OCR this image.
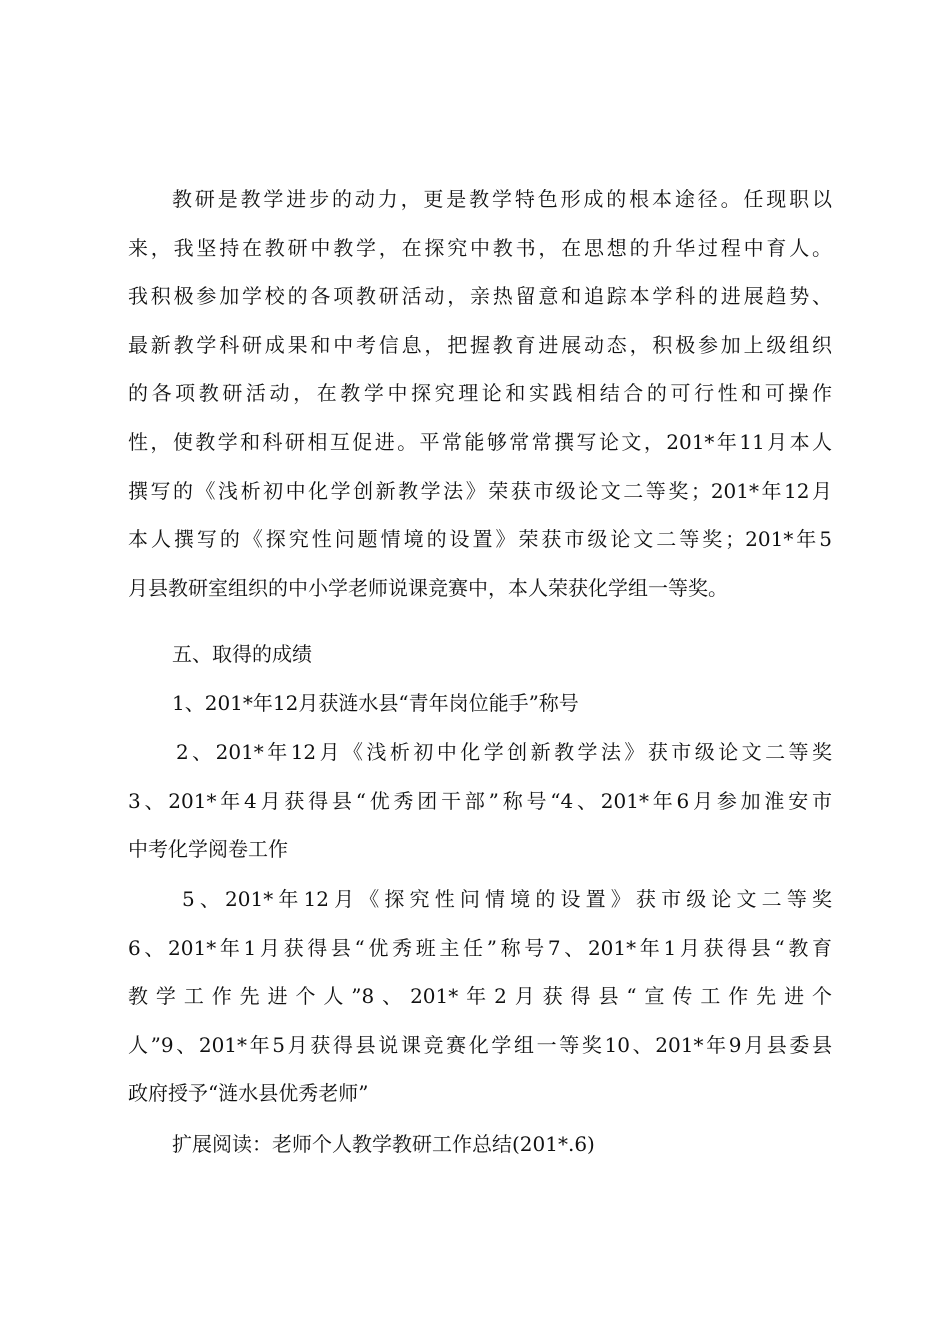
教研是教学进步的动力，更是教学特色形成的根本途径。任现职以
来，我坚持在教研中教学，在探究中教书，在思想的升华过程中育人。
我积极参加学校的各项教研活动，亲热留意和追踪本学科的进展趋势、
最新教学科研成果和中考信息，把握教育进展动态，积极参加上级组织
的各项教研活动，在教学中探究理论和实践相结合的可行性和可操作
性，使教学和科研相互促进。平常能够常常撰写论文，201*年11月本人
撰写的《浅析初中化学创新教学法》荣获市级论文二等奖；201*年12月
本人撰写的《探究性问题情境的设置》荣获市级论文二等奖；201*年5
月县教研室组织的中小学老师说课竞赛中，本人荣获化学组一等奖。

五、取得的成绩

1、201*年12月获涟水县“青年岗位能手”称号

2、201*年12月《浅析初中化学创新教学法》获市级论文二等奖
3、201*年4月获得县“优秀团干部”称号“4、201*年6月参加淮安市
中考化学阅卷工作
5、201*年12月《探究性问情境的设置》获市级论文二等奖
6、201*年1月获得县“优秀班主任”称号7、201*年1月获得县“教育
教学工作先进个人”8、201*年2月获得县“宣传工作先进个
人”9、201*年5月获得县说课竞赛化学组一等奖10、201*年9月县委县
政府授予“涟水县优秀老师”

扩展阅读：老师个人教学教研工作总结(201*.6)
